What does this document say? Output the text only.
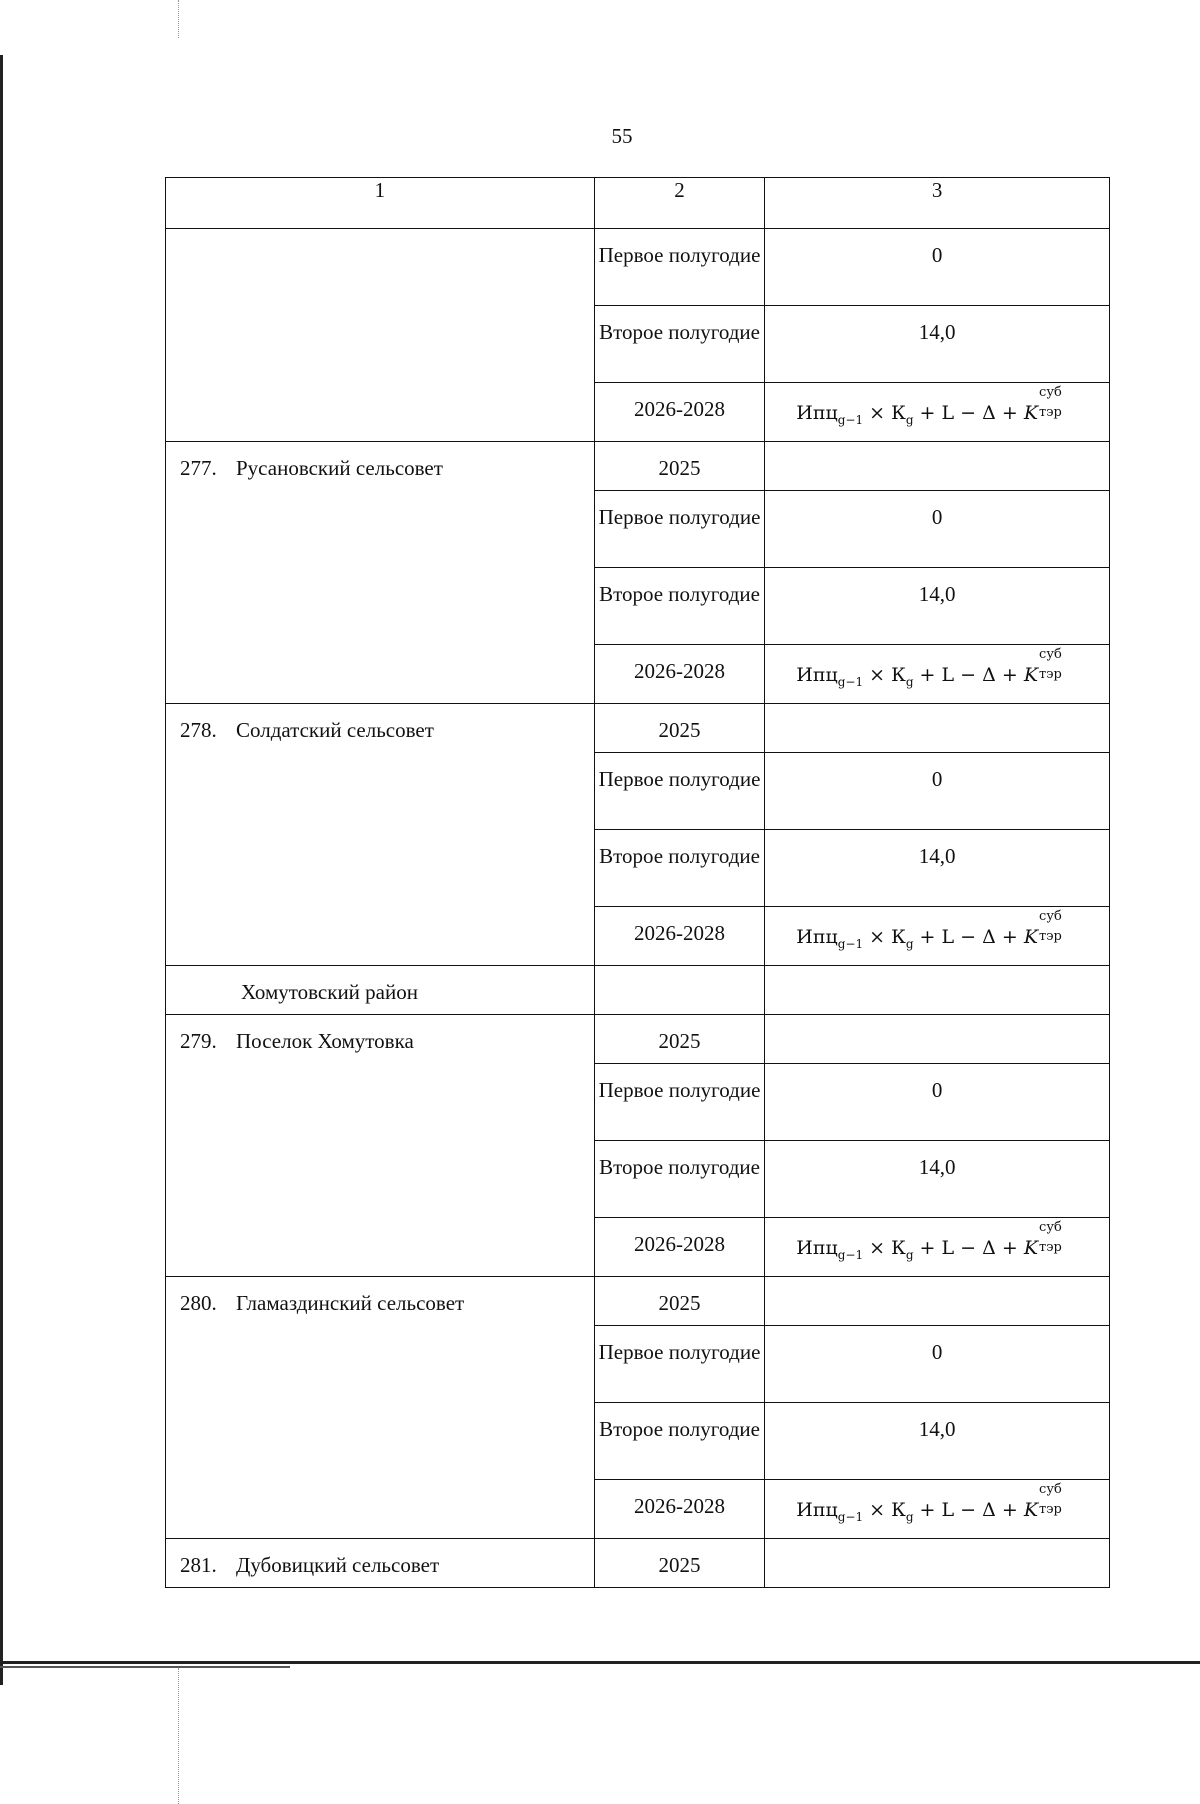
55
1	2	3

	Первое полугодие	0

	Второе полугодие	14,0

	2026-2028	$Ипц_{g-1} \times К_g + L - \Delta + K$
суб
тэр

277. Русановский сельсовет	2025	

	Первое полугодие	0

	Второе полугодие	14,0

	2026-2028	$Ипц_{g-1} \times К_g + L - \Delta + K$
суб
тэр

278. Солдатский сельсовет	2025	

	Первое полугодие	0

	Второе полугодие	14,0

	2026-2028	$Ипц_{g-1} \times К_g + L - \Delta + K$
суб
тэр

Хомутовский район		

279. Поселок Хомутовка	2025	

	Первое полугодие	0

	Второе полугодие	14,0

	2026-2028	$Ипц_{g-1} \times К_g + L - \Delta + K$
суб
тэр

280. Гламаздинский сельсовет	2025	

	Первое полугодие	0

	Второе полугодие	14,0

	2026-2028	$Ипц_{g-1} \times К_g + L - \Delta + K$
суб
тэр

281. Дубовицкий сельсовет	2025	
